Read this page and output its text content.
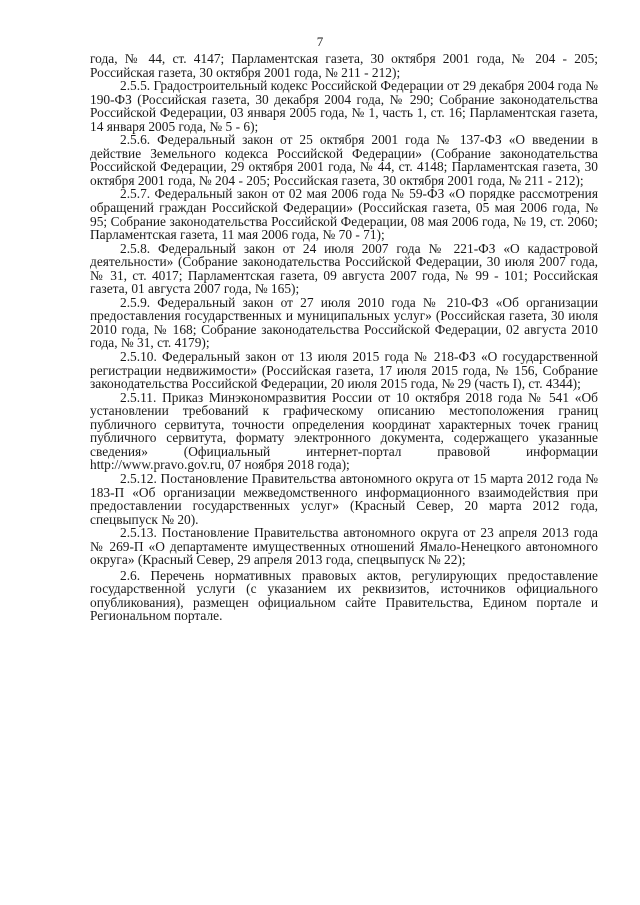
7

года, № 44, ст. 4147; Парламентская газета, 30 октября 2001 года, № 204 - 205; Российская газета, 30 октября 2001 года, № 211 - 212);

2.5.5. Градостроительный кодекс Российской Федерации от 29 декабря 2004 года № 190-ФЗ (Российская газета, 30 декабря 2004 года, № 290; Собрание законодательства Российской Федерации, 03 января 2005 года, № 1, часть 1, ст. 16; Парламентская газета, 14 января 2005 года, № 5 - 6);

2.5.6. Федеральный закон от 25 октября 2001 года № 137-ФЗ «О введении в действие Земельного кодекса Российской Федерации» (Собрание законодательства Российской Федерации, 29 октября 2001 года, № 44, ст. 4148; Парламентская газета, 30 октября 2001 года, № 204 - 205; Российская газета, 30 октября 2001 года, № 211 - 212);

2.5.7. Федеральный закон от 02 мая 2006 года № 59-ФЗ «О порядке рассмотрения обращений граждан Российской Федерации» (Российская газета, 05 мая 2006 года, № 95; Собрание законодательства Российской Федерации, 08 мая 2006 года, № 19, ст. 2060; Парламентская газета, 11 мая 2006 года, № 70 - 71);

2.5.8. Федеральный закон от 24 июля 2007 года № 221-ФЗ «О кадастровой деятельности» (Собрание законодательства Российской Федерации, 30 июля 2007 года, № 31, ст. 4017; Парламентская газета, 09 августа 2007 года, № 99 - 101; Российская газета, 01 августа 2007 года, № 165);

2.5.9. Федеральный закон от 27 июля 2010 года № 210-ФЗ «Об организации предоставления государственных и муниципальных услуг» (Российская газета, 30 июля 2010 года, № 168; Собрание законодательства Российской Федерации, 02 августа 2010 года, № 31, ст. 4179);

2.5.10. Федеральный закон от 13 июля 2015 года № 218-ФЗ «О государственной регистрации недвижимости» (Российская газета, 17 июля 2015 года, № 156, Собрание законодательства Российской Федерации, 20 июля 2015 года, № 29 (часть I), ст. 4344);

2.5.11. Приказ Минэкономразвития России от 10 октября 2018 года № 541 «Об установлении требований к графическому описанию местоположения границ публичного сервитута, точности определения координат характерных точек границ публичного сервитута, формату электронного документа, содержащего указанные сведения» (Официальный интернет-портал правовой информации http://www.pravo.gov.ru, 07 ноября 2018 года);

2.5.12. Постановление Правительства автономного округа от 15 марта 2012 года № 183-П «Об организации межведомственного информационного взаимодействия при предоставлении государственных услуг» (Красный Север, 20 марта 2012 года, спецвыпуск № 20).

2.5.13. Постановление Правительства автономного округа от 23 апреля 2013 года № 269-П «О департаменте имущественных отношений Ямало-Ненецкого автономного округа» (Красный Север, 29 апреля 2013 года, спецвыпуск № 22);

2.6. Перечень нормативных правовых актов, регулирующих предоставление государственной услуги (с указанием их реквизитов, источников официального опубликования), размещен официальном сайте Правительства, Едином портале и Региональном портале.
